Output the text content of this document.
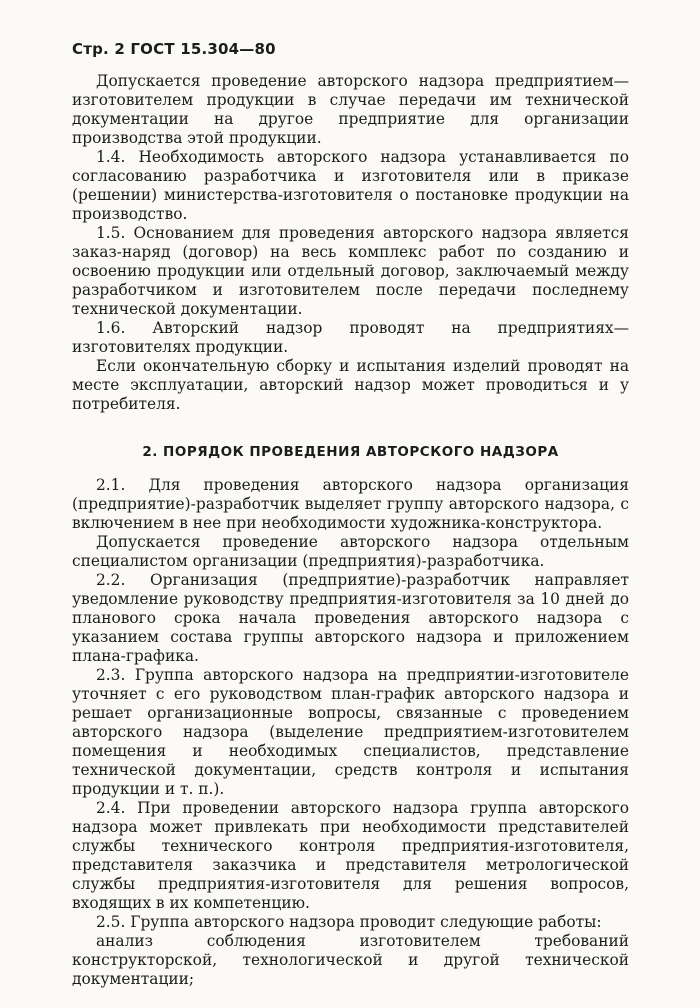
Стр. 2 ГОСТ 15.304—80

Допускается проведение авторского надзора предприятием—изготовителем продукции в случае передачи им технической документации на другое предприятие для организации производства этой продукции.

1.4. Необходимость авторского надзора устанавливается по согласованию разработчика и изготовителя или в приказе (решении) министерства-изготовителя о постановке продукции на производство.

1.5. Основанием для проведения авторского надзора является заказ-наряд (договор) на весь комплекс работ по созданию и освоению продукции или отдельный договор, заключаемый между разработчиком и изготовителем после передачи последнему технической документации.

1.6. Авторский надзор проводят на предприятиях—изготовителях продукции.

Если окончательную сборку и испытания изделий проводят на месте эксплуатации, авторский надзор может проводиться и у потребителя.

2. ПОРЯДОК ПРОВЕДЕНИЯ АВТОРСКОГО НАДЗОРА

2.1. Для проведения авторского надзора организация (предприятие)-разработчик выделяет группу авторского надзора, с включением в нее при необходимости художника-конструктора.

Допускается проведение авторского надзора отдельным специалистом организации (предприятия)-разработчика.

2.2. Организация (предприятие)-разработчик направляет уведомление руководству предприятия-изготовителя за 10 дней до планового срока начала проведения авторского надзора с указанием состава группы авторского надзора и приложением плана-графика.

2.3. Группа авторского надзора на предприятии-изготовителе уточняет с его руководством план-график авторского надзора и решает организационные вопросы, связанные с проведением авторского надзора (выделение предприятием-изготовителем помещения и необходимых специалистов, представление технической документации, средств контроля и испытания продукции и т. п.).

2.4. При проведении авторского надзора группа авторского надзора может привлекать при необходимости представителей службы технического контроля предприятия-изготовителя, представителя заказчика и представителя метрологической службы предприятия-изготовителя для решения вопросов, входящих в их компетенцию.

2.5. Группа авторского надзора проводит следующие работы:

анализ соблюдения изготовителем требований конструкторской, технологической и другой технической документации;
